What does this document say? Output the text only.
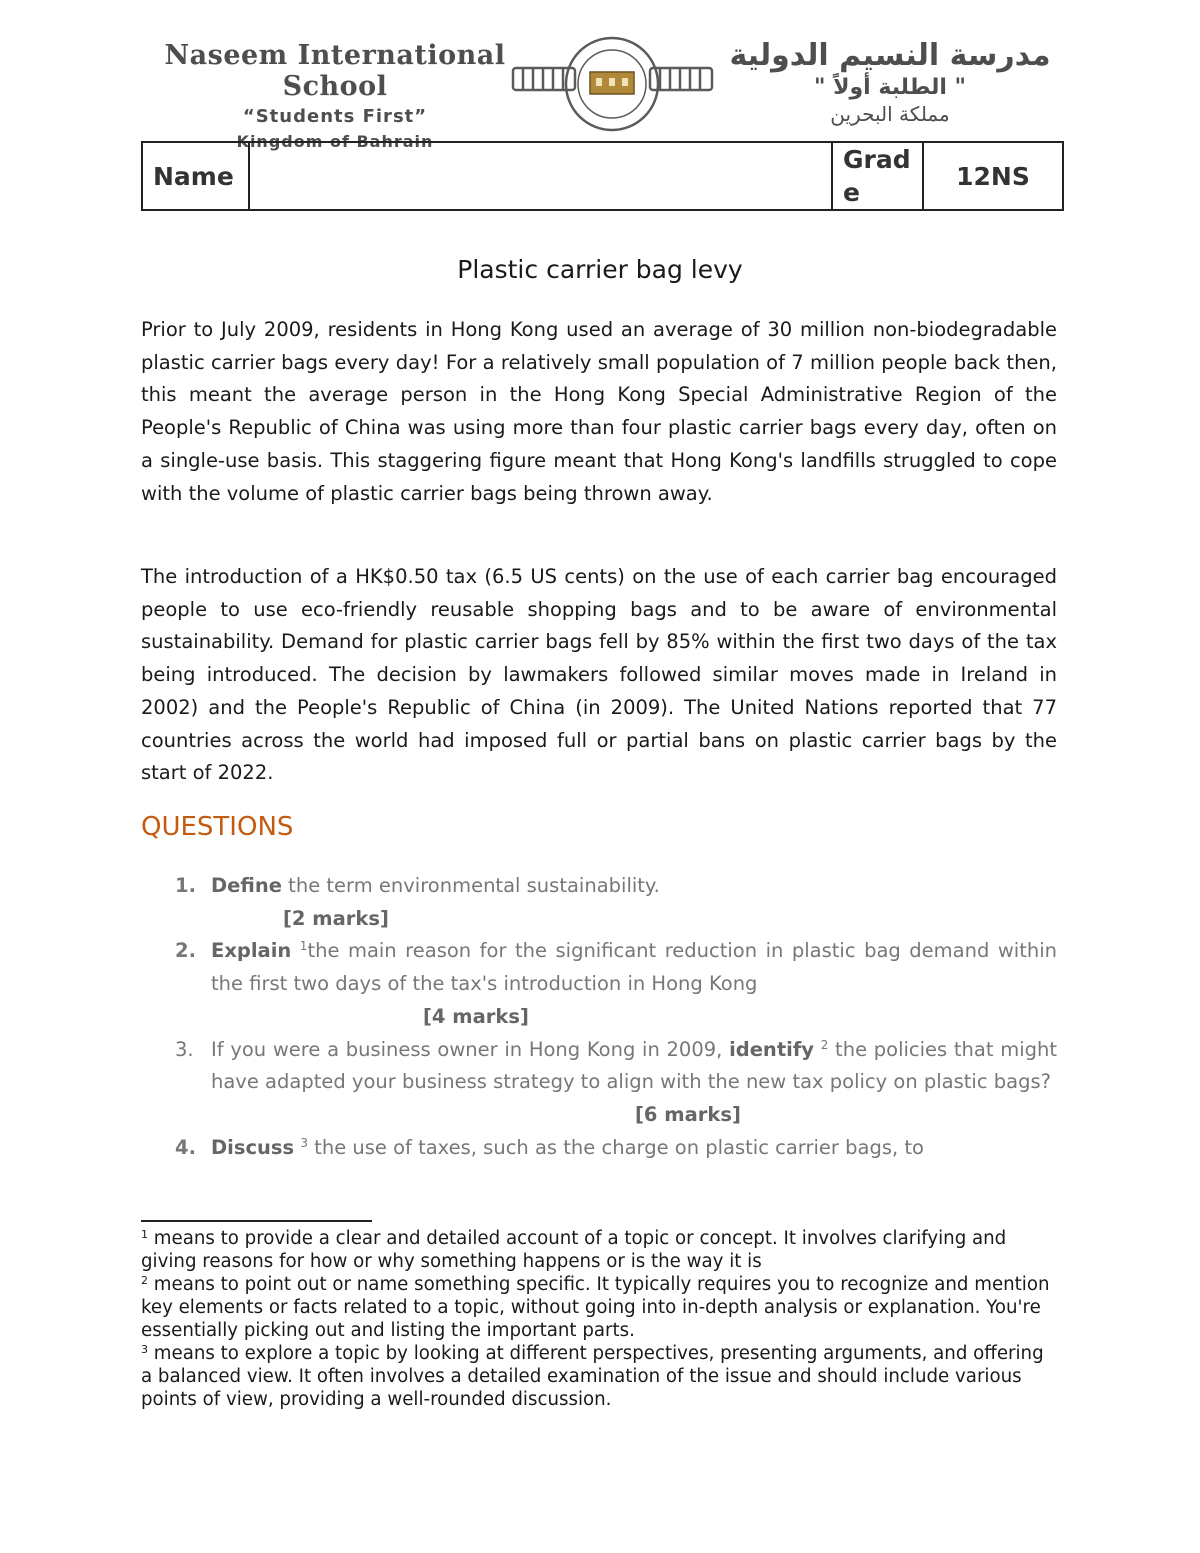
Naseem International School
“Students First”
Kingdom of Bahrain
مدرسة النسيم الدولية
" الطلبة أولاً "
مملكة البحرين
Name		Grade	12NS
Plastic carrier bag levy

Prior to July 2009, residents in Hong Kong used an average of 30 million non-biodegradable plastic carrier bags every day! For a relatively small population of 7 million people back then, this meant the average person in the Hong Kong Special Administrative Region of the People's Republic of China was using more than four plastic carrier bags every day, often on a single-use basis. This staggering figure meant that Hong Kong's landfills struggled to cope with the volume of plastic carrier bags being thrown away.

The introduction of a HK$0.50 tax (6.5 US cents) on the use of each carrier bag encouraged people to use eco-friendly reusable shopping bags and to be aware of environmental sustainability. Demand for plastic carrier bags fell by 85% within the first two days of the tax being introduced. The decision by lawmakers followed similar moves made in Ireland in 2002) and the People's Republic of China (in 2009). The United Nations reported that 77 countries across the world had imposed full or partial bans on plastic carrier bags by the start of 2022.

QUESTIONS
1. Define the term environmental sustainability.
[2 marks]
2. Explain $^1$the main reason for the significant reduction in plastic bag demand within the first two days of the tax's introduction in Hong Kong
[4 marks]
3. If you were a business owner in Hong Kong in 2009, identify $^2$ the policies that might have adapted your business strategy to align with the new tax policy on plastic bags?
[6 marks]
4. Discuss $^3$ the use of taxes, such as the charge on plastic carrier bags, to

$^1$ means to provide a clear and detailed account of a topic or concept. It involves clarifying and giving reasons for how or why something happens or is the way it is

$^2$ means to point out or name something specific. It typically requires you to recognize and mention key elements or facts related to a topic, without going into in-depth analysis or explanation. You're essentially picking out and listing the important parts.

$^3$ means to explore a topic by looking at different perspectives, presenting arguments, and offering a balanced view. It often involves a detailed examination of the issue and should include various points of view, providing a well-rounded discussion.
